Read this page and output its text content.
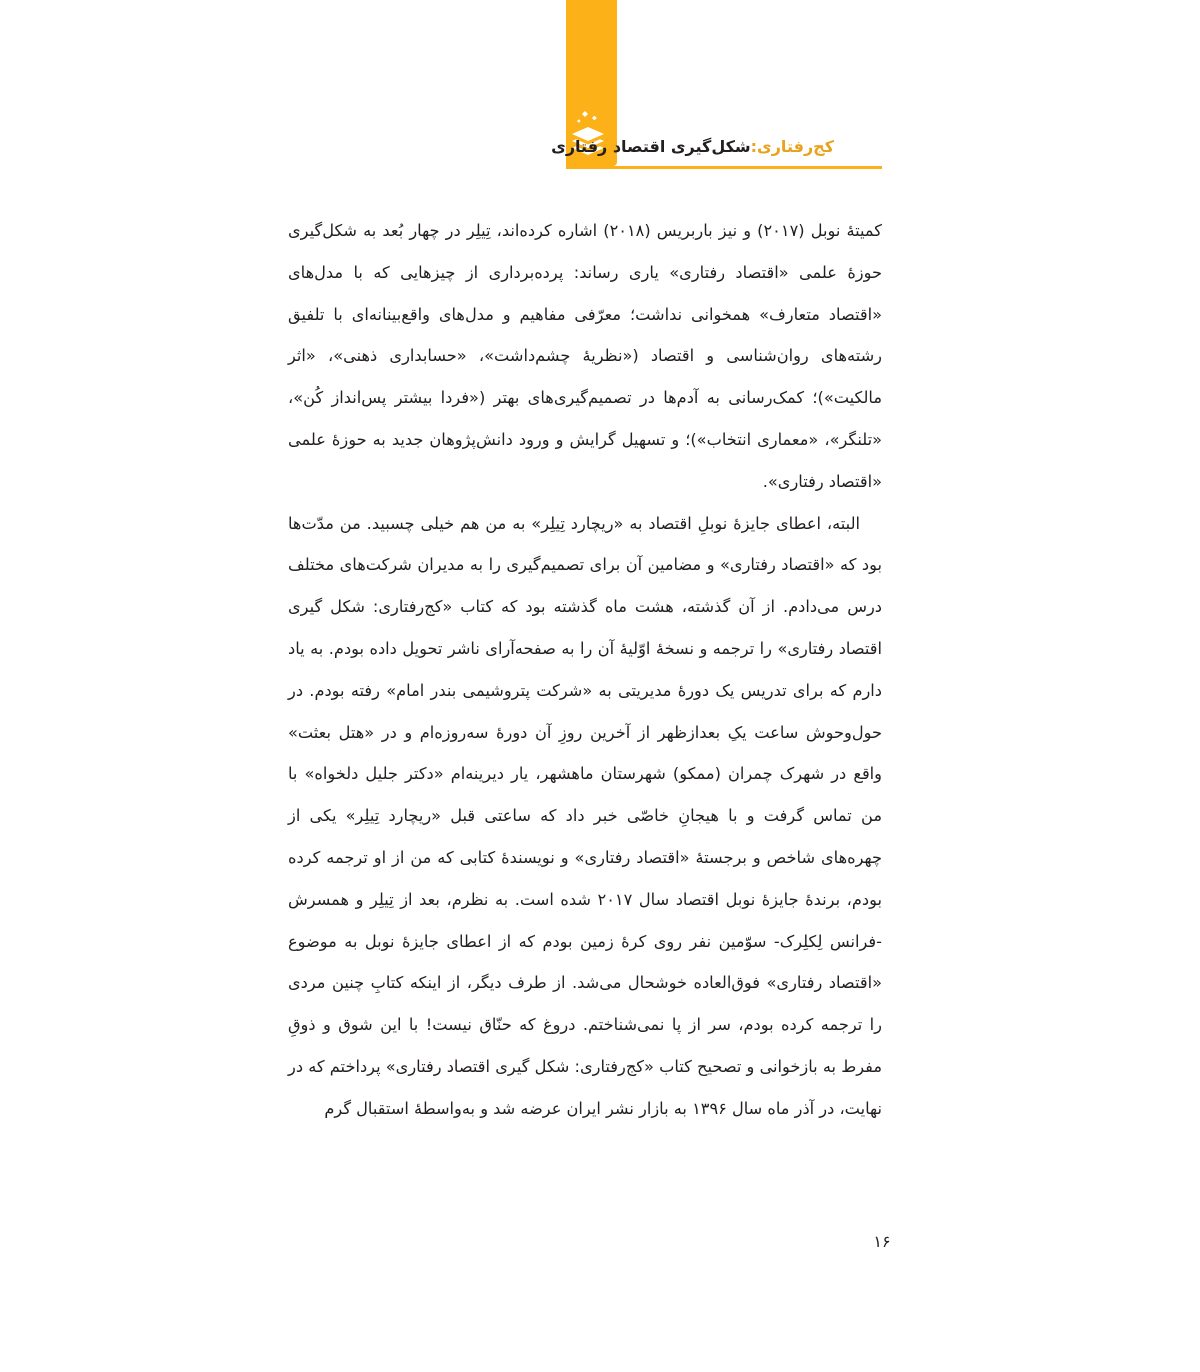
کج‌رفتاری:شکل‌گیری اقتصاد رفتاری

کمیتهٔ نوبل (۲۰۱۷) و نیز باربریس (۲۰۱۸) اشاره کرده‌اند، تِیلِر در چهار بُعد به شکل‌گیری حوزهٔ علمی «اقتصاد رفتاری» یاری رساند: پرده‌برداری از چیزهایی که با مدل‌های «اقتصاد متعارف» همخوانی نداشت؛ معرّفی مفاهیم و مدل‌های واقع‌بینانه‌ای با تلفیق رشته‌های روان‌شناسی و اقتصاد («نظریهٔ چشم‌داشت»، «حسابداری ذهنی»، «اثر مالکیت»)؛ کمک‌رسانی به آدم‌ها در تصمیم‌گیری‌های بهتر («فردا بیشتر پس‌انداز کُن»، «تلنگر»، «معماری انتخاب»)؛ و تسهیل گرایش و ورود دانش‌پژوهان جدید به حوزهٔ علمی «اقتصاد رفتاری».

البته، اعطای جایزهٔ نوبلِ اقتصاد به «ریچارد تِیلِر» به من هم خیلی چسبید. من مدّت‌ها بود که «اقتصاد رفتاری» و مضامین آن برای تصمیم‌گیری را به مدیران شرکت‌های مختلف درس می‌دادم. از آن گذشته، هشت ماه گذشته بود که کتاب «کج‌رفتاری: شکل گیری اقتصاد رفتاری» را ترجمه و نسخهٔ اوّلیهٔ آن را به صفحه‌آرای ناشر تحویل داده بودم. به یاد دارم که برای تدریس یک دورهٔ مدیریتی به «شرکت پتروشیمی بندر امام» رفته بودم. در حول‌وحوش ساعت یکِ بعدازظهر از آخرین روزِ آن دورهٔ سه‌روزه‌ام و در «هتل بعثت» واقع در شهرک چمران (ممکو) شهرستان ماهشهر، یار دیرینه‌ام «دکتر جلیل دلخواه» با من تماس گرفت و با هیجانِ خاصّی خبر داد که ساعتی قبل «ریچارد تِیلِر» یکی از چهره‌های شاخص و برجستهٔ «اقتصاد رفتاری» و نویسندهٔ کتابی که من از او ترجمه کرده بودم، برندهٔ جایزهٔ نوبل اقتصاد سال ۲۰۱۷ شده است. به نظرم، بعد از تِیلِر و همسرش -فرانس لِکلِرک- سوّمین نفر روی کرهٔ زمین بودم که از اعطای جایزهٔ نوبل به موضوع «اقتصاد رفتاری» فوق‌العاده خوشحال می‌شد. از طرف دیگر، از اینکه کتابِ چنین مردی را ترجمه کرده بودم، سر از پا نمی‌شناختم. دروغ که حنّاق نیست! با این شوق و ذوقِ مفرط به بازخوانی و تصحیح کتاب «کج‌رفتاری: شکل گیری اقتصاد رفتاری» پرداختم که در نهایت، در آذر ماه سال ۱۳۹۶ به بازار نشر ایران عرضه شد و به‌واسطهٔ استقبال گرم

۱۶
